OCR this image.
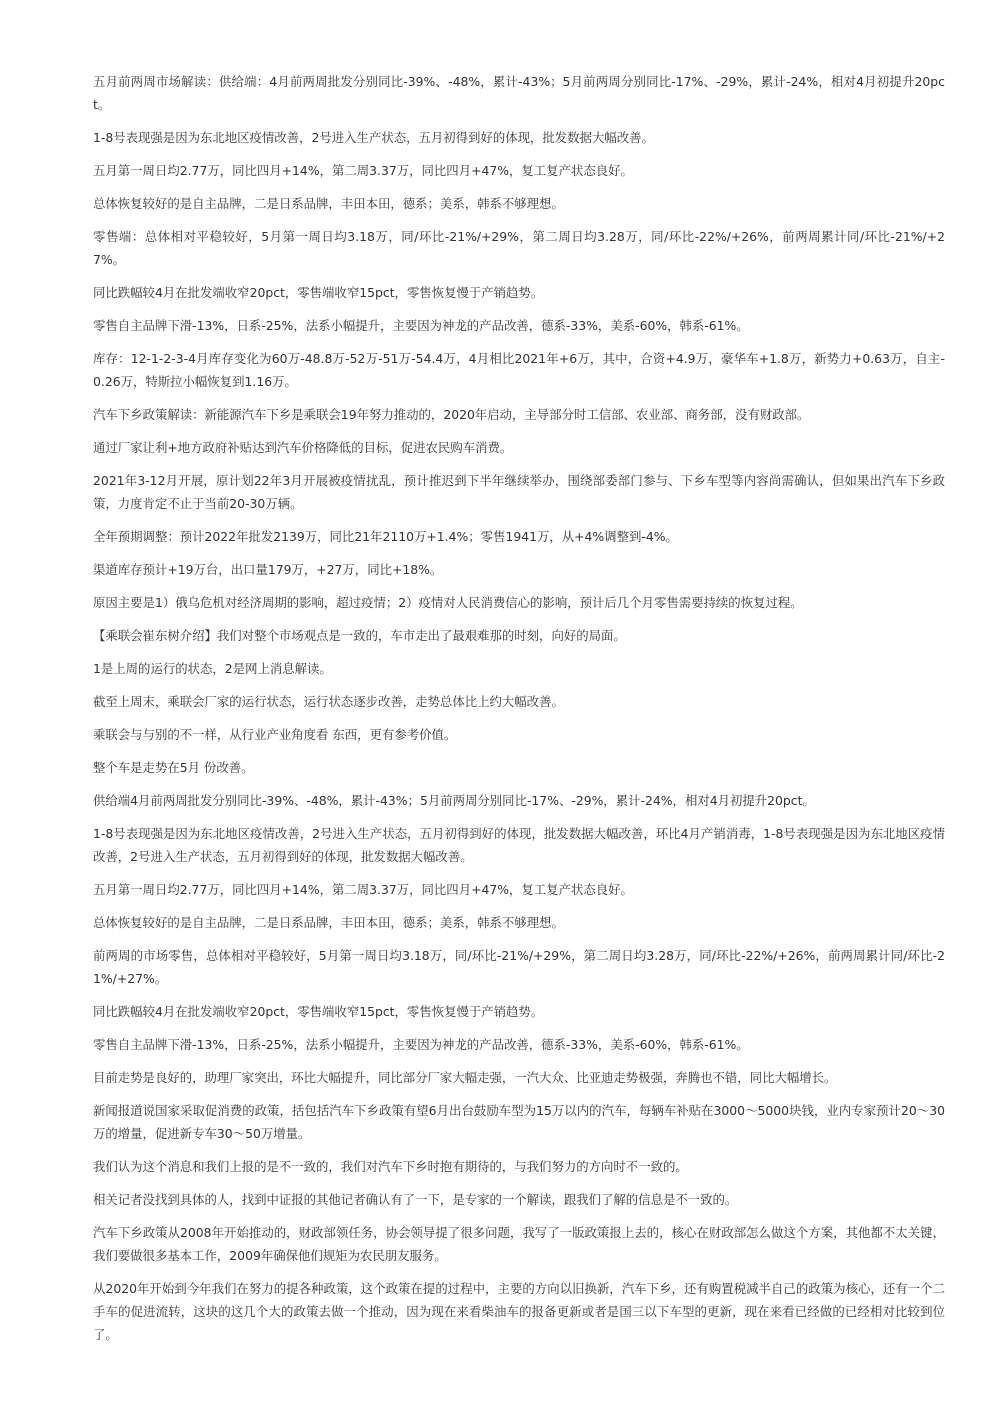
五月前两周市场解读：供给端：4月前两周批发分别同比-39%、-48%，累计-43%；5月前两周分别同比-17%、-29%，累计-24%，相对4月初提升20pct。

1-8号表现强是因为东北地区疫情改善，2号进入生产状态，五月初得到好的体现，批发数据大幅改善。

五月第一周日均2.77万，同比四月+14%，第二周3.37万，同比四月+47%，复工复产状态良好。

总体恢复较好的是自主品牌，二是日系品牌，丰田本田，德系；美系，韩系不够理想。

零售端：总体相对平稳较好，5月第一周日均3.18万，同/环比-21%/+29%，第二周日均3.28万，同/环比-22%/+26%，前两周累计同/环比-21%/+27%。

同比跌幅较4月在批发端收窄20pct，零售端收窄15pct，零售恢复慢于产销趋势。

零售自主品牌下滑-13%，日系-25%，法系小幅提升，主要因为神龙的产品改善，德系-33%，美系-60%，韩系-61%。

库存：12-1-2-3-4月库存变化为60万-48.8万-52万-51万-54.4万，4月相比2021年+6万，其中，合资+4.9万，豪华车+1.8万，新势力+0.63万，自主-0.26万，特斯拉小幅恢复到1.16万。

汽车下乡政策解读：新能源汽车下乡是乘联会19年努力推动的，2020年启动，主导部分时工信部、农业部、商务部，没有财政部。

通过厂家让利+地方政府补贴达到汽车价格降低的目标，促进农民购车消费。

2021年3-12月开展，原计划22年3月开展被疫情扰乱，预计推迟到下半年继续举办，围绕部委部门参与、下乡车型等内容尚需确认，但如果出汽车下乡政策，力度肯定不止于当前20-30万辆。

全年预期调整：预计2022年批发2139万，同比21年2110万+1.4%；零售1941万，从+4%调整到-4%。

渠道库存预计+19万台，出口量179万，+27万，同比+18%。

原因主要是1）俄乌危机对经济周期的影响，超过疫情；2）疫情对人民消费信心的影响，预计后几个月零售需要持续的恢复过程。

【乘联会崔东树介绍】我们对整个市场观点是一致的，车市走出了最艰难那的时刻，向好的局面。

1是上周的运行的状态，2是网上消息解读。

截至上周末，乘联会厂家的运行状态，运行状态逐步改善，走势总体比上约大幅改善。

乘联会与与别的不一样，从行业产业角度看 东西，更有参考价值。

整个车是走势在5月 份改善。

供给端4月前两周批发分别同比-39%、-48%，累计-43%；5月前两周分别同比-17%、-29%，累计-24%，相对4月初提升20pct。

1-8号表现强是因为东北地区疫情改善，2号进入生产状态，五月初得到好的体现，批发数据大幅改善，环比4月产销消毒，1-8号表现强是因为东北地区疫情改善，2号进入生产状态，五月初得到好的体现，批发数据大幅改善。

五月第一周日均2.77万，同比四月+14%，第二周3.37万，同比四月+47%，复工复产状态良好。

总体恢复较好的是自主品牌，二是日系品牌，丰田本田，德系；美系，韩系不够理想。

前两周的市场零售，总体相对平稳较好，5月第一周日均3.18万，同/环比-21%/+29%，第二周日均3.28万，同/环比-22%/+26%，前两周累计同/环比-21%/+27%。

同比跌幅较4月在批发端收窄20pct，零售端收窄15pct，零售恢复慢于产销趋势。

零售自主品牌下滑-13%，日系-25%，法系小幅提升，主要因为神龙的产品改善，德系-33%，美系-60%，韩系-61%。

目前走势是良好的，助理厂家突出，环比大幅提升，同比部分厂家大幅走强，一汽大众、比亚迪走势极强，奔腾也不错，同比大幅增长。

新闻报道说国家采取促消费的政策，括包括汽车下乡政策有望6月出台鼓励车型为15万以内的汽车，每辆车补贴在3000～5000块钱，业内专家预计20～30万的增量，促进新专车30～50万增量。

我们认为这个消息和我们上报的是不一致的，我们对汽车下乡时抱有期待的，与我们努力的方向时不一致的。

相关记者没找到具体的人，找到中证报的其他记者确认有了一下，是专家的一个解读，跟我们了解的信息是不一致的。

汽车下乡政策从2008年开始推动的，财政部领任务，协会领导提了很多问题，我写了一版政策报上去的，核心在财政部怎么做这个方案，其他都不太关键，我们要做很多基本工作，2009年确保他们规矩为农民朋友服务。

从2020年开始到今年我们在努力的提各种政策，这个政策在提的过程中，主要的方向以旧换新，汽车下乡，还有购置税减半自己的政策为核心，还有一个二手车的促进流转，这块的这几个大的政策去做一个推动，因为现在来看柴油车的报备更新或者是国三以下车型的更新，现在来看已经做的已经相对比较到位了。
